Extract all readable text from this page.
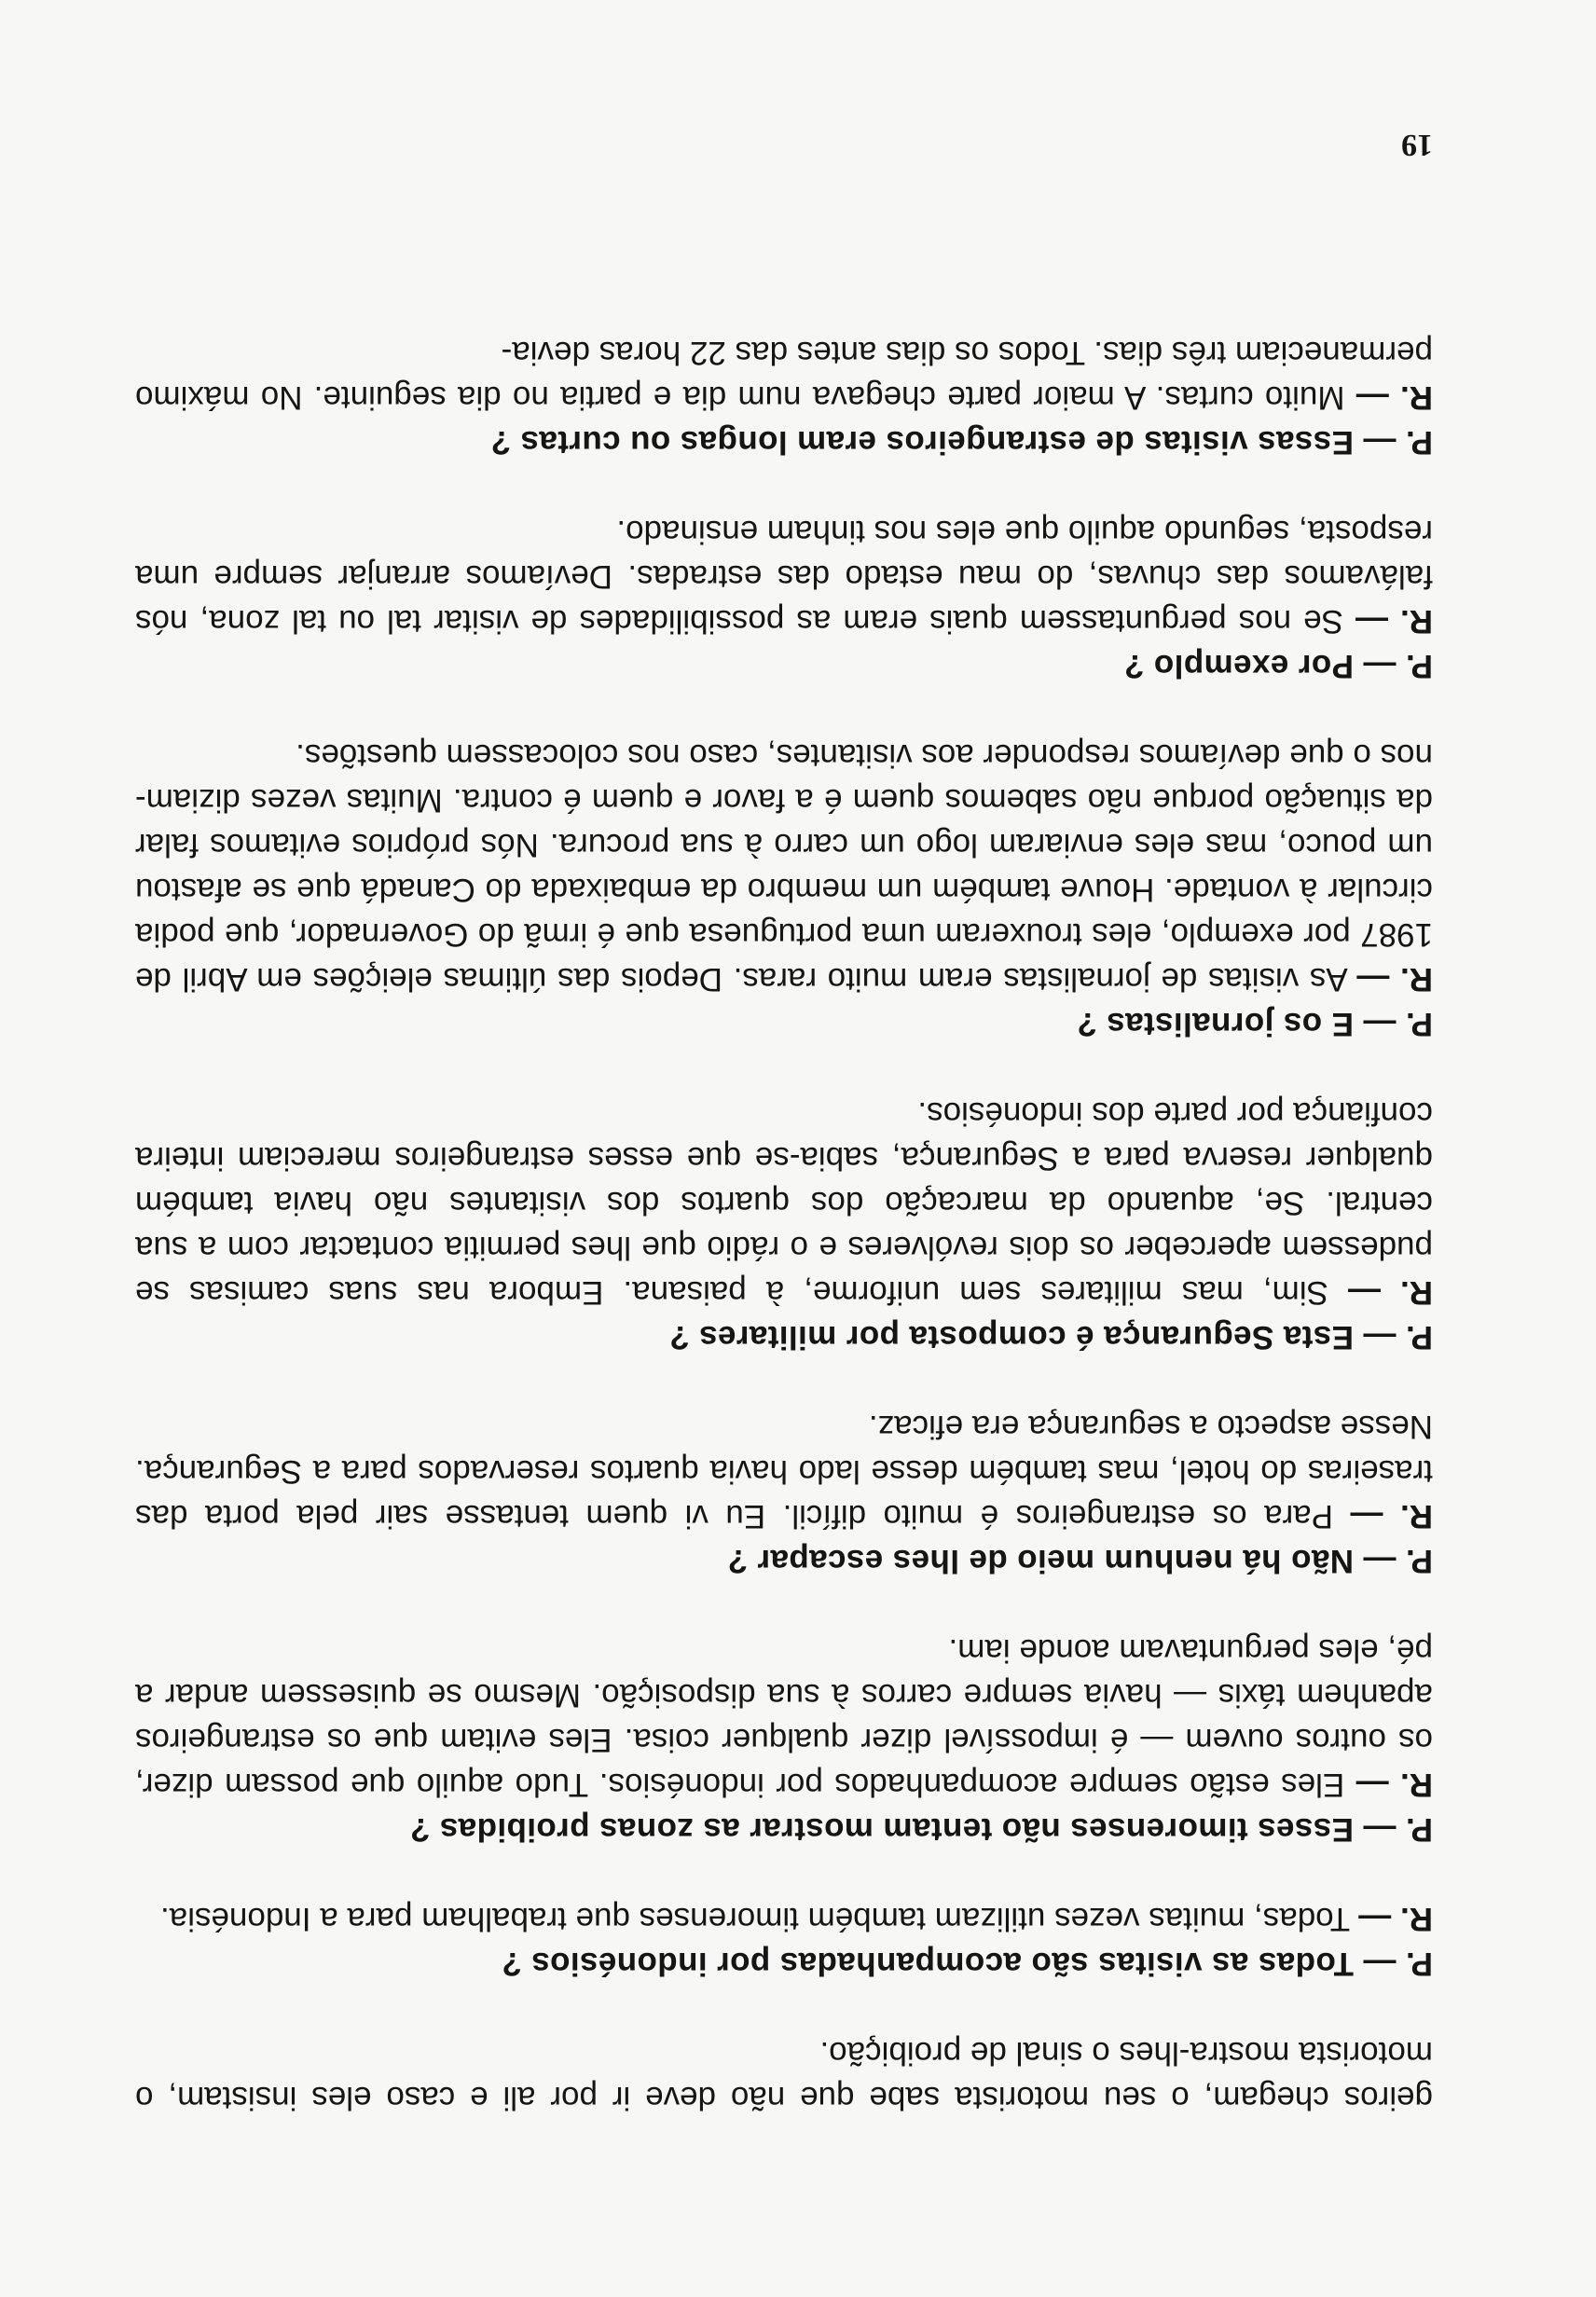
geiros chegam, o seu motorista sabe que não deve ir por ali e caso eles insistam, o motorista mostra-lhes o sinal de proibição.

P. — Todas as visitas são acompanhadas por indonésios ?

R. — Todas, muitas vezes utilizam também timorenses que trabalham para a Indonésia.

P. — Esses timorenses não tentam mostrar as zonas proibidas ?

R. — Eles estão sempre acompanhados por indonésios. Tudo aquilo que possam dizer, os outros ouvem — é impossível dizer qualquer coisa. Eles evitam que os estrangeiros apanhem táxis — havia sempre carros à sua disposição. Mesmo se quisessem andar a pé, eles perguntavam aonde iam.

P. — Não há nenhum meio de lhes escapar ?

R. — Para os estrangeiros é muito difícil. Eu vi quem tentasse sair pela porta das traseiras do hotel, mas também desse lado havia quartos reservados para a Segurança. Nesse aspecto a segurança era eficaz.

P. — Esta Segurança é composta por militares ?

R. — Sim, mas militares sem uniforme, à paisana. Embora nas suas camisas se pudessem aperceber os dois revólveres e o rádio que lhes permitia contactar com a sua central. Se, aquando da marcação dos quartos dos visitantes não havia também qualquer reserva para a Segurança, sabia-se que esses estrangeiros mereciam inteira confiança por parte dos indonésios.

P. — E os jornalistas ?

R. — As visitas de jornalistas eram muito raras. Depois das últimas eleições em Abril de 1987 por exemplo, eles trouxeram uma portuguesa que é irmã do Governador, que podia circular à vontade. Houve também um membro da embaixada do Canadá que se afastou um pouco, mas eles enviaram logo um carro à sua procura. Nós próprios evitamos falar da situação porque não sabemos quem é a favor e quem é contra. Muitas vezes diziam-nos o que devíamos responder aos visitantes, caso nos colocassem questões.

P. — Por exemplo ?

R. — Se nos perguntassem quais eram as possibilidades de visitar tal ou tal zona, nós falávamos das chuvas, do mau estado das estradas. Devíamos arranjar sempre uma resposta, segundo aquilo que eles nos tinham ensinado.

P. — Essas visitas de estrangeiros eram longas ou curtas ?

R. — Muito curtas. A maior parte chegava num dia e partia no dia seguinte. No máximo permaneciam três dias. Todos os dias antes das 22 horas devia-

19
